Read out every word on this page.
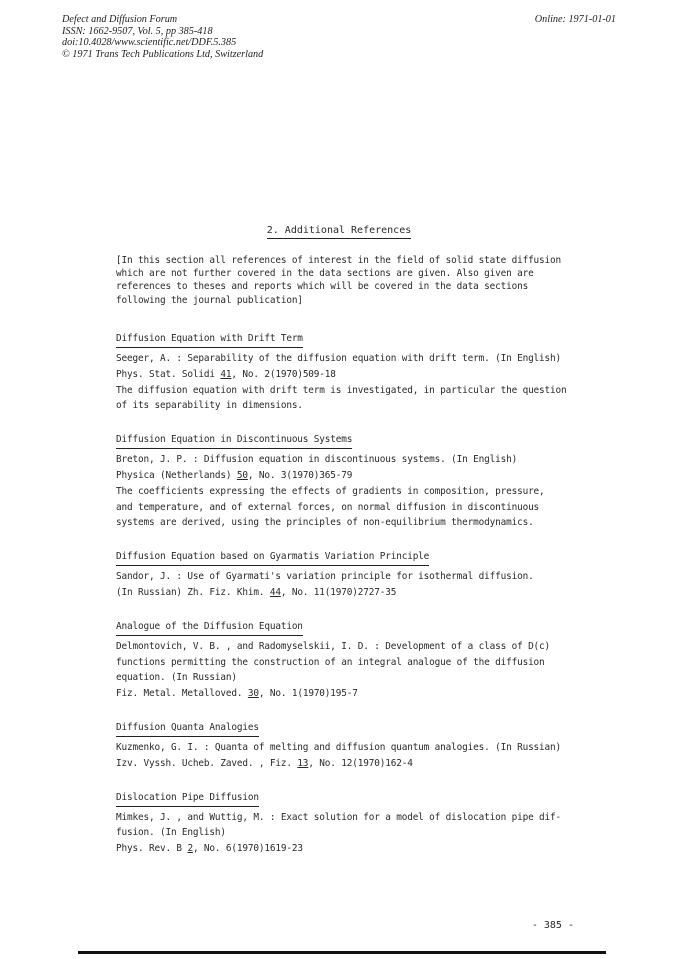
Defect and Diffusion Forum
ISSN: 1662-9507, Vol. 5, pp 385-418
doi:10.4028/www.scientific.net/DDF.5.385
© 1971 Trans Tech Publications Ltd, Switzerland
Online: 1971-01-01
2. Additional References
[In this section all references of interest in the field of solid state diffusion
which are not further covered in the data sections are given. Also given are
references to theses and reports which will be covered in the data sections
following the journal publication]
Diffusion Equation with Drift Term
Seeger, A. : Separability of the diffusion equation with drift term. (In English)
Phys. Stat. Solidi 41, No. 2(1970)509-18
The diffusion equation with drift term is investigated, in particular the question
of its separability in dimensions.
Diffusion Equation in Discontinuous Systems
Breton, J. P. : Diffusion equation in discontinuous systems. (In English)
Physica (Netherlands) 50, No. 3(1970)365-79
The coefficients expressing the effects of gradients in composition, pressure,
and temperature, and of external forces, on normal diffusion in discontinuous
systems are derived, using the principles of non-equilibrium thermodynamics.
Diffusion Equation based on Gyarmatis Variation Principle
Sandor, J. : Use of Gyarmati's variation principle for isothermal diffusion.
(In Russian) Zh. Fiz. Khim. 44, No. 11(1970)2727-35
Analogue of the Diffusion Equation
Delmontovich, V. B. , and Radomyselskii, I. D. : Development of a class of D(c)
functions permitting the construction of an integral analogue of the diffusion
equation. (In Russian)
Fiz. Metal. Metalloved. 30, No. 1(1970)195-7
Diffusion Quanta Analogies
Kuzmenko, G. I. : Quanta of melting and diffusion quantum analogies. (In Russian)
Izv. Vyssh. Ucheb. Zaved. , Fiz. 13, No. 12(1970)162-4
Dislocation Pipe Diffusion
Mimkes, J. , and Wuttig, M. : Exact solution for a model of dislocation pipe dif-
fusion. (In English)
Phys. Rev. B 2, No. 6(1970)1619-23
- 385 -
